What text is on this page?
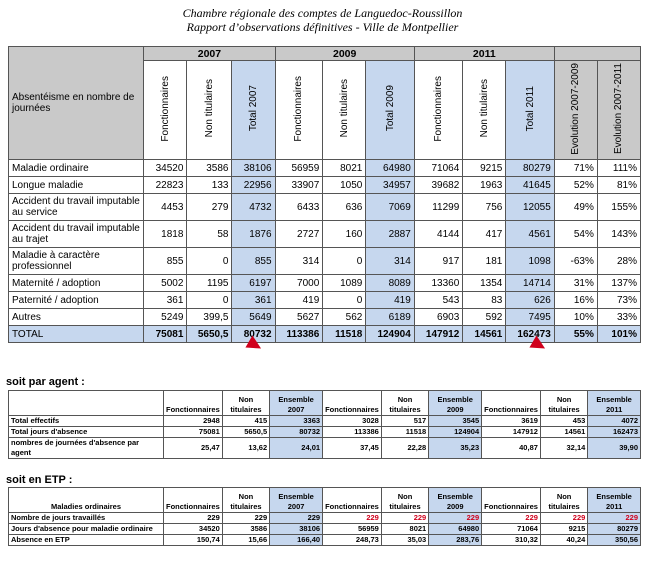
Chambre régionale des comptes de Languedoc-Roussillon
Rapport d’observations définitives - Ville de Montpellier
Absentéisme en nombre de journées	2007			2009			2011				
	Fonctionnaires	Non titulaires	Total 2007	Fonctionnaires	Non titulaires	Total 2009	Fonctionnaires	Non titulaires	Total 2011	Evolution 2007-2009	Evolution 2007-2011
Maladie ordinaire	34520	3586	38106	56959	8021	64980	71064	9215	80279	71%	111%
Longue maladie	22823	133	22956	33907	1050	34957	39682	1963	41645	52%	81%
Accident du travail imputable au service	4453	279	4732	6433	636	7069	11299	756	12055	49%	155%
Accident du travail imputable au trajet	1818	58	1876	2727	160	2887	4144	417	4561	54%	143%
Maladie à caractère professionnel	855	0	855	314	0	314	917	181	1098	-63%	28%
Maternité / adoption	5002	1195	6197	7000	1089	8089	13360	1354	14714	31%	137%
Paternité / adoption	361	0	361	419	0	419	543	83	626	16%	73%
Autres	5249	399,5	5649	5627	562	6189	6903	592	7495	10%	33%
TOTAL	75081	5650,5	80732	113386	11518	124904	147912	14561	162473	55%	101%
soit par agent :
	Fonctionnaires	Non titulaires	Ensemble 2007	Fonctionnaires	Non titulaires	Ensemble 2009	Fonctionnaires	Non titulaires	Ensemble 2011
Total effectifs	2948	415	3363	3028	517	3545	3619	453	4072
Total jours d'absence	75081	5650,5	80732	113386	11518	124904	147912	14561	162473
nombres de journées d'absence par agent	25,47	13,62	24,01	37,45	22,28	35,23	40,87	32,14	39,90
soit en ETP :
Maladies ordinaires	Fonctionnaires	Non titulaires	Ensemble 2007	Fonctionnaires	Non titulaires	Ensemble 2009	Fonctionnaires	Non titulaires	Ensemble 2011
Nombre de jours travaillés	229	229	229	229	229	229	229	229	229
Jours d'absence pour maladie ordinaire	34520	3586	38106	56959	8021	64980	71064	9215	80279
Absence en ETP	150,74	15,66	166,40	248,73	35,03	283,76	310,32	40,24	350,56
